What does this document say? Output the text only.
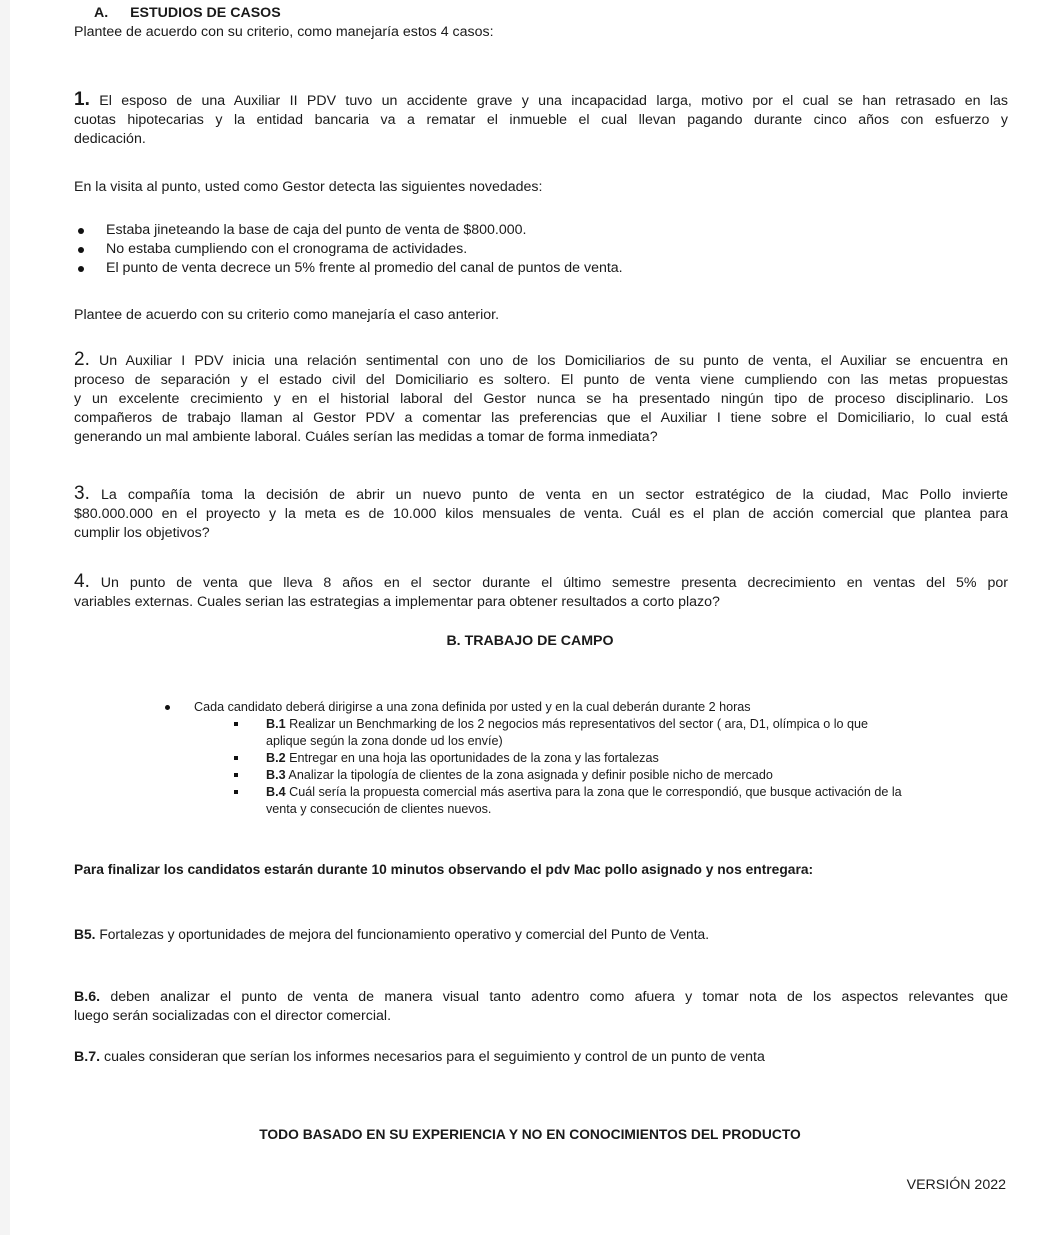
A. ESTUDIOS DE CASOS
Plantee de acuerdo con su criterio, como manejaría estos 4 casos:
1. El esposo de una Auxiliar II PDV tuvo un accidente grave y una incapacidad larga, motivo por el cual se han retrasado en las
cuotas hipotecarias y la entidad bancaria va a rematar el inmueble el cual llevan pagando durante cinco años con esfuerzo y
dedicación.
En la visita al punto, usted como Gestor detecta las siguientes novedades:
Estaba jineteando la base de caja del punto de venta de $800.000.
No estaba cumpliendo con el cronograma de actividades.
El punto de venta decrece un 5% frente al promedio del canal de puntos de venta.
Plantee de acuerdo con su criterio como manejaría el caso anterior.
2. Un Auxiliar I PDV inicia una relación sentimental con uno de los Domiciliarios de su punto de venta, el Auxiliar se encuentra en
proceso de separación y el estado civil del Domiciliario es soltero. El punto de venta viene cumpliendo con las metas propuestas
y un excelente crecimiento y en el historial laboral del Gestor nunca se ha presentado ningún tipo de proceso disciplinario. Los
compañeros de trabajo llaman al Gestor PDV a comentar las preferencias que el Auxiliar I tiene sobre el Domiciliario, lo cual está
generando un mal ambiente laboral. Cuáles serían las medidas a tomar de forma inmediata?
3. La compañía toma la decisión de abrir un nuevo punto de venta en un sector estratégico de la ciudad, Mac Pollo invierte
$80.000.000 en el proyecto y la meta es de 10.000 kilos mensuales de venta. Cuál es el plan de acción comercial que plantea para
cumplir los objetivos?
4. Un punto de venta que lleva 8 años en el sector durante el último semestre presenta decrecimiento en ventas del 5% por
variables externas. Cuales serian las estrategias a implementar para obtener resultados a corto plazo?
B. TRABAJO DE CAMPO
Cada candidato deberá dirigirse a una zona definida por usted y en la cual deberán durante 2 horas
B.1 Realizar un Benchmarking de los 2 negocios más representativos del sector ( ara, D1, olímpica o lo que
aplique según la zona donde ud los envíe)
B.2 Entregar en una hoja las oportunidades de la zona y las fortalezas
B.3 Analizar la tipología de clientes de la zona asignada y definir posible nicho de mercado
B.4 Cuál sería la propuesta comercial más asertiva para la zona que le correspondió, que busque activación de la
venta y consecución de clientes nuevos.
Para finalizar los candidatos estarán durante 10 minutos observando el pdv Mac pollo asignado y nos entregara:
B5. Fortalezas y oportunidades de mejora del funcionamiento operativo y comercial del Punto de Venta.
B.6. deben analizar el punto de venta de manera visual tanto adentro como afuera y tomar nota de los aspectos relevantes que
luego serán socializadas con el director comercial.
B.7. cuales consideran que serían los informes necesarios para el seguimiento y control de un punto de venta
TODO BASADO EN SU EXPERIENCIA Y NO EN CONOCIMIENTOS DEL PRODUCTO
VERSIÓN 2022
